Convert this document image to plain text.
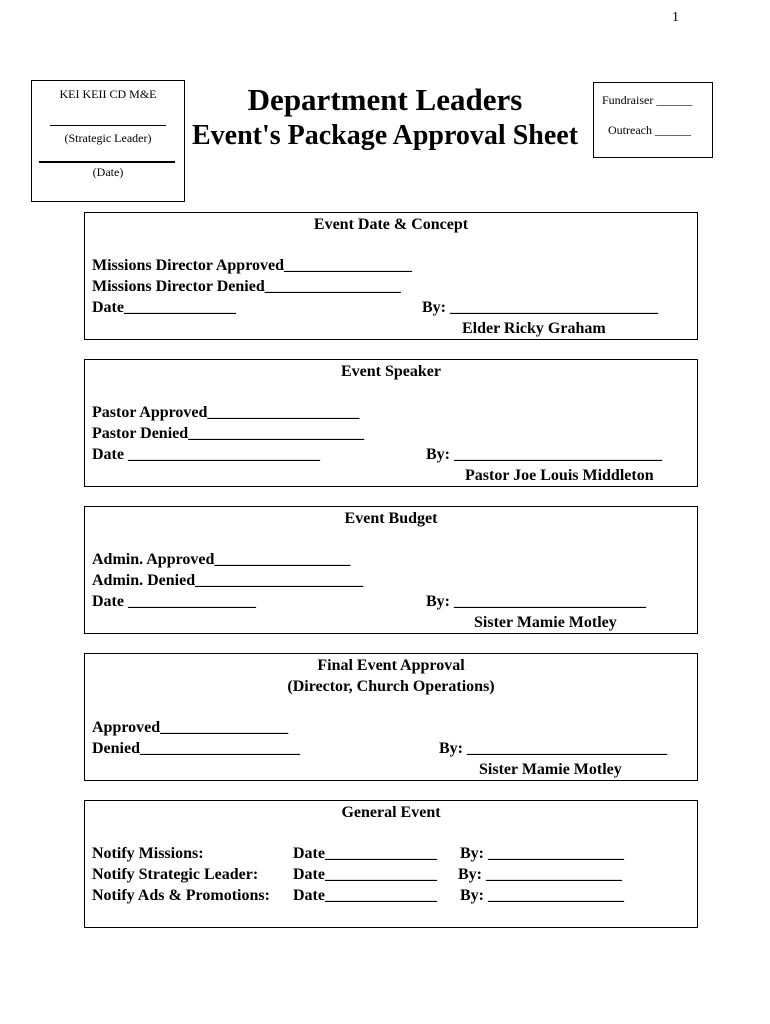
1
KEI KEII CD M&E
(Strategic Leader)
(Date)
Department Leaders
Event's Package Approval Sheet
Fundraiser ______
Outreach ______
Event Date & Concept
Missions Director Approved________________
Missions Director Denied_________________
Date______________	By: __________________________
Elder Ricky Graham
Event Speaker
Pastor Approved___________________
Pastor Denied______________________
Date ________________________	By: __________________________
Pastor Joe Louis Middleton
Event Budget
Admin. Approved_________________
Admin. Denied_____________________
Date ________________	By: ________________________
Sister Mamie Motley
Final Event Approval
(Director, Church Operations)
Approved________________
Denied____________________	By: _________________________
Sister Mamie Motley
General Event
Notify Missions:	Date______________ By: _________________
Notify Strategic Leader: Date______________ By: _________________
Notify Ads & Promotions: Date______________ By: _________________
